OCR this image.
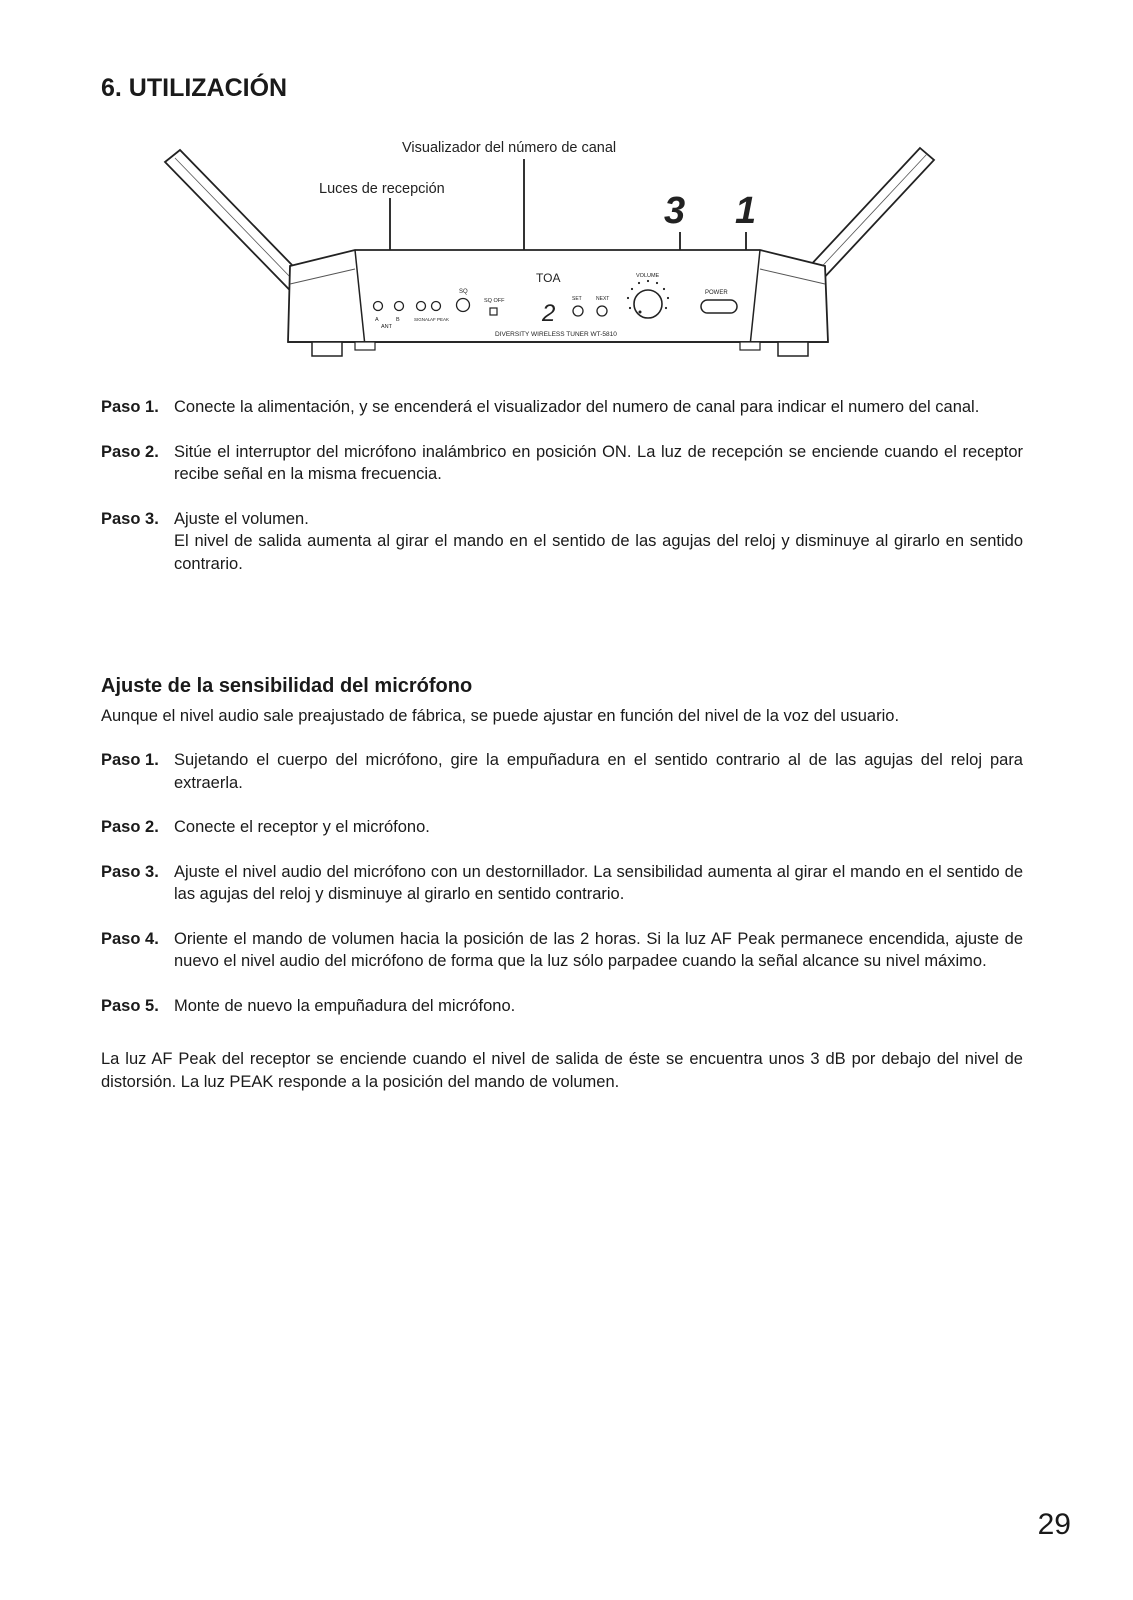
6. UTILIZACIÓN
Visualizador del número de canal
Luces de recepción
3 1
TOA
A	B
ANT
SIGNAL AF PEAK
SQ
SQ OFF 2
SET	NEXT
VOLUME
POWER
DIVERSITY WIRELESS TUNER WT-5810
Paso 1. Conecte la alimentación, y se encenderá el visualizador del numero de canal para indicar el numero del canal.
Paso 2. Sitúe el interruptor del micrófono inalámbrico en posición ON. La luz de recepción se enciende cuando el receptor recibe señal en la misma frecuencia.
Paso 3. Ajuste el volumen.
El nivel de salida aumenta al girar el mando en el sentido de las agujas del reloj y disminuye al girarlo en sentido contrario.
Ajuste de la sensibilidad del micrófono

Aunque el nivel audio sale preajustado de fábrica, se puede ajustar en función del nivel de la voz del usuario.

Paso 1. Sujetando el cuerpo del micrófono, gire la empuñadura en el sentido contrario al de las agujas del reloj para extraerla.
Paso 2. Conecte el receptor y el micrófono.
Paso 3. Ajuste el nivel audio del micrófono con un destornillador. La sensibilidad aumenta al girar el mando en el sentido de las agujas del reloj y disminuye al girarlo en sentido contrario.
Paso 4. Oriente el mando de volumen hacia la posición de las 2 horas. Si la luz AF Peak permanece encendida, ajuste de nuevo el nivel audio del micrófono de forma que la luz sólo parpadee cuando la señal alcance su nivel máximo.
Paso 5. Monte de nuevo la empuñadura del micrófono.

La luz AF Peak del receptor se enciende cuando el nivel de salida de éste se encuentra unos 3 dB por debajo del nivel de distorsión. La luz PEAK responde a la posición del mando de volumen.

29
